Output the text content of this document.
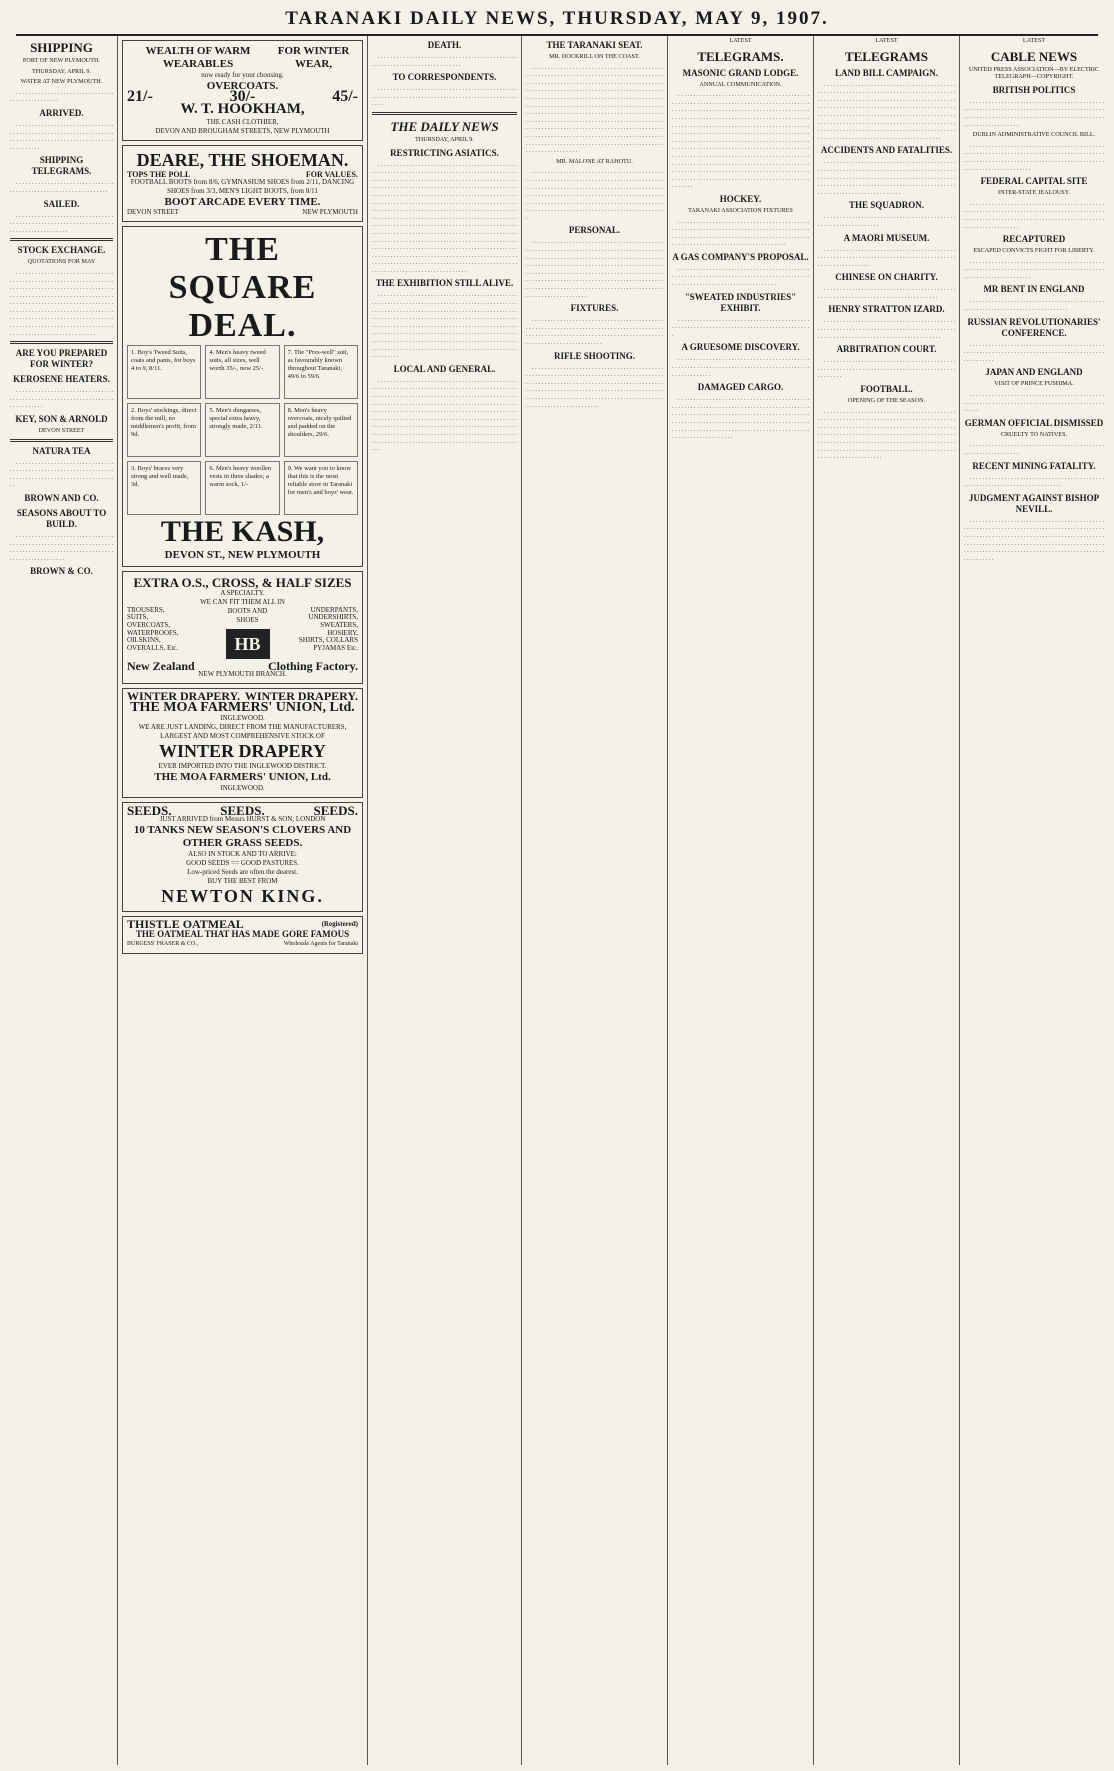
TARANAKI DAILY NEWS, THURSDAY, MAY 9, 1907.
SHIPPING
PORT OF NEW PLYMOUTH.
THURSDAY, APRIL 9.
WATER AT NEW PLYMOUTH.

. . . . . . . . . . . . . . . . . . . . . . . . . . . . . . . . . . . . . . . . . . . . . . .

ARRIVED.

. . . . . . . . . . . . . . . . . . . . . . . . . . . . . . . . . . . . . . . . . . . . . . . . . . . . . . . . . . . . . . . . . . . . . . . . . . . . . . . . . . . . . . . . . . . . . . . . . . . . . . . . . . .

SHIPPING TELEGRAMS.

. . . . . . . . . . . . . . . . . . . . . . . . . . . . . . . . . . . . . . . . . . . . . . . . . . . . . . . . . . . . . . .

SAILED.

. . . . . . . . . . . . . . . . . . . . . . . . . . . . . . . . . . . . . . . . . . . . . . . . . . . . . . . . . . . . . . . . . . . . . . . . . . . . . . . . . . .

STOCK EXCHANGE.
QUOTATIONS FOR MAY

. . . . . . . . . . . . . . . . . . . . . . . . . . . . . . . . . . . . . . . . . . . . . . . . . . . . . . . . . . . . . . . . . . . . . . . . . . . . . . . . . . . . . . . . . . . . . . . . . . . . . . . . . . . . . . . . . . . . . . . . . . . . . . . . . . . . . . . . . . . . . . . . . . . . . . . . . . . . . . . . . . . . . . . . . . . . . . . . . . . . . . . . . . . . . . . . . . . . . . . . . . . . . . . . . . . . . . . . . . . . . . . . . . . . . . . . . . . . . . . . . . . . . . . . . . . . . . . . . . . . . . . . . . . . . . . . . . . . . . . . . . . . . . . . . .

ARE YOU PREPARED FOR WINTER?
KEROSENE HEATERS.

. . . . . . . . . . . . . . . . . . . . . . . . . . . . . . . . . . . . . . . . . . . . . . . . . . . . . . . . . . . . . . . . . . . . . . . . . . .

KEY, SON & ARNOLD
DEVON STREET
NATURA TEA

. . . . . . . . . . . . . . . . . . . . . . . . . . . . . . . . . . . . . . . . . . . . . . . . . . . . . . . . . . . . . . . . . . . . . . . . . . . . . . . . . . . . . . . . . . . . . . . . . . .

BROWN AND CO.
SEASONS ABOUT TO BUILD.

. . . . . . . . . . . . . . . . . . . . . . . . . . . . . . . . . . . . . . . . . . . . . . . . . . . . . . . . . . . . . . . . . . . . . . . . . . . . . . . . . . . . . . . . . . . . . . . . . . . . . . . . . . . . . . . . . . .

BROWN & CO.
WEALTH OF WARM WEARABLES
FOR WINTER WEAR,
now ready for your choosing.
OVERCOATS.
21/-	30/-	45/-
W. T. HOOKHAM,
THE CASH CLOTHIER,
DEVON AND BROUGHAM STREETS, NEW PLYMOUTH
DEARE, THE SHOEMAN.
TOPS THE POLL	FOR VALUES.
FOOTBALL BOOTS from 8/6, GYMNASIUM SHOES from 2/11, DANCING SHOES from 3/3, MEN'S LIGHT BOOTS, from 8/11
BOOT ARCADE EVERY TIME.
DEVON STREET	NEW PLYMOUTH
THE SQUARE DEAL.
1. Boy's Tweed Suits, coats and pants, for boys 4 to 9, 8/11.
4. Men's heavy tweed suits, all sizes, well worth 35/-, now 25/-
7. The "Pres-well" suit, as favourably known throughout Taranaki, 49/6 to 59/6.
2. Boys' stockings, direct from the mill, no middlemen's profit, from 9d.
5. Men's dungarees, special extra heavy, strongly made, 2/11.
8. Men's heavy overcoats, nicely quilted and padded on the shoulders, 29/6.
3. Boys' braces very strong and well made, 3d.
6. Men's heavy woollen vests in three shades; a warm sock, 1/-
9. We want you to know that this is the most reliable store in Taranaki for men's and boys' wear.
THE KASH,
DEVON ST., NEW PLYMOUTH
EXTRA O.S., CROSS, & HALF SIZES
A SPECIALTY.
WE CAN FIT THEM ALL IN
TROUSERS,
SUITS,
OVERCOATS,
WATERPROOFS,
OILSKINS,
OVERALLS, Etc.
UNDERPANTS,
UNDERSHIRTS,
SWEATERS,
HOSIERY,
SHIRTS, COLLARS
PYJAMAS Etc.
BOOTS AND SHOES
HB
New Zealand	Clothing Factory.
NEW PLYMOUTH BRANCH.
WINTER DRAPERY. WINTER DRAPERY.
THE MOA FARMERS' UNION, Ltd.
INGLEWOOD.
WE ARE JUST LANDING, DIRECT FROM THE MANUFACTURERS, LARGEST AND MOST COMPREHENSIVE STOCK OF
WINTER DRAPERY
EVER IMPORTED INTO THE INGLEWOOD DISTRICT.
THE MOA FARMERS' UNION, Ltd.
INGLEWOOD.
SEEDS.	SEEDS.	SEEDS.
JUST ARRIVED from Messrs HURST & SON, LONDON
10 TANKS NEW SEASON'S CLOVERS AND OTHER GRASS SEEDS.
ALSO IN STOCK AND TO ARRIVE:
GOOD SEEDS == GOOD PASTURES.
Low-priced Seeds are often the dearest.
BUY THE BEST FROM
NEWTON KING.
THISTLE OATMEAL	(Registered)
THE OATMEAL THAT HAS MADE GORE FAMOUS
BURGESS' FRASER & CO.,	Wholesale Agents for Taranaki
DEATH.

. . . . . . . . . . . . . . . . . . . . . . . . . . . . . . . . . . . . . . . . . . . . . . . . . . . . . . . . . . . . . . . . . . . . . . . . . .

TO CORRESPONDENTS.

. . . . . . . . . . . . . . . . . . . . . . . . . . . . . . . . . . . . . . . . . . . . . . . . . . . . . . . . . . . . . . . . . . . . . . . . . . . . . . . . . . . . . . . . . . . . . . . .

THE DAILY NEWS
THURSDAY, APRIL 9.
RESTRICTING ASIATICS.

. . . . . . . . . . . . . . . . . . . . . . . . . . . . . . . . . . . . . . . . . . . . . . . . . . . . . . . . . . . . . . . . . . . . . . . . . . . . . . . . . . . . . . . . . . . . . . . . . . . . . . . . . . . . . . . . . . . . . . . . . . . . . . . . . . . . . . . . . . . . . . . . . . . . . . . . . . . . . . . . . . . . . . . . . . . . . . . . . . . . . . . . . . . . . . . . . . . . . . . . . . . . . . . . . . . . . . . . . . . . . . . . . . . . . . . . . . . . . . . . . . . . . . . . . . . . . . . . . . . . . . . . . . . . . . . . . . . . . . . . . . . . . . . . . . . . . . . . . . . . . . . . . . . . . . . . . . . . . . . . . . . . . . . . . . . . . . . . . . . . . . . . . . . . . . . . . . . . . . . . . . . . . . . . . . . . . . . . . . . . . . . . . . . . . . . . . . . . . . . . . . . . . . . . . . . . . . . . . . . . . . . . . . . . . . . . . . . . . . . . . . . . . . . . . . . . . . . . . . . . . . . . . . . . . . . . . . . . . . . . . . . . . . . . . . . . . . . . . . . . . . . . . . . . . . . . . . . . . . . . . . . . . . . . . . . . . . . . . . . . . . . . . . . . . . . . . . . . . . . . . . . . . . . . . . . . . . . . . . . . . . . . . . . . . . . . . . . . . . . . . . . . . . . . . . . . . . . . . . . . . . . . . . . . . . . . . . . . . . . . . . . . . . . . . . . . . . . . . . . . . . . . . . . . . . . . . . . . . . . . . . . . . . .

THE EXHIBITION STILL ALIVE.

. . . . . . . . . . . . . . . . . . . . . . . . . . . . . . . . . . . . . . . . . . . . . . . . . . . . . . . . . . . . . . . . . . . . . . . . . . . . . . . . . . . . . . . . . . . . . . . . . . . . . . . . . . . . . . . . . . . . . . . . . . . . . . . . . . . . . . . . . . . . . . . . . . . . . . . . . . . . . . . . . . . . . . . . . . . . . . . . . . . . . . . . . . . . . . . . . . . . . . . . . . . . . . . . . . . . . . . . . . . . . . . . . . . . . . . . . . . . . . . . . . . . . . . . . . . . . . . . . . . . . . . . . . . . . . . . . . . . . . . . . . . . . . . . . . . . . . . . . . . . . . . . . . . . . . . . . . . . . . . . . . . . . . . . . . . . . . . . . . . . . . . . . . . . . . . . . . . . . . . . . . . . . . . . . . . . . . . . . . . . . . .

LOCAL AND GENERAL.

. . . . . . . . . . . . . . . . . . . . . . . . . . . . . . . . . . . . . . . . . . . . . . . . . . . . . . . . . . . . . . . . . . . . . . . . . . . . . . . . . . . . . . . . . . . . . . . . . . . . . . . . . . . . . . . . . . . . . . . . . . . . . . . . . . . . . . . . . . . . . . . . . . . . . . . . . . . . . . . . . . . . . . . . . . . . . . . . . . . . . . . . . . . . . . . . . . . . . . . . . . . . . . . . . . . . . . . . . . . . . . . . . . . . . . . . . . . . . . . . . . . . . . . . . . . . . . . . . . . . . . . . . . . . . . . . . . . . . . . . . . . . . . . . . . . . . . . . . . . . . . . . . . . . . . . . . . . . . . . . . . . . . . . . . . . . . . . . . . . . . . . . . . . . . . . . . . . . . . . . . . . . . . . . . . . . . . . . . . . . . . . . . . . . . . . . . . . . . . . . . . . . . . . . . . . . . . . . . . . . . . . .

THE TARANAKI SEAT.
MR. DOCKRILL ON THE COAST.

. . . . . . . . . . . . . . . . . . . . . . . . . . . . . . . . . . . . . . . . . . . . . . . . . . . . . . . . . . . . . . . . . . . . . . . . . . . . . . . . . . . . . . . . . . . . . . . . . . . . . . . . . . . . . . . . . . . . . . . . . . . . . . . . . . . . . . . . . . . . . . . . . . . . . . . . . . . . . . . . . . . . . . . . . . . . . . . . . . . . . . . . . . . . . . . . . . . . . . . . . . . . . . . . . . . . . . . . . . . . . . . . . . . . . . . . . . . . . . . . . . . . . . . . . . . . . . . . . . . . . . . . . . . . . . . . . . . . . . . . . . . . . . . . . . . . . . . . . . . . . . . . . . . . . . . . . . . . . . . . . . . . . . . . . . . . . . . . . . . . . . . . . . . . . . . . . . . . . . . . . . . . . . . . . . . . . . . . . . . . . . . . . . . . . . . . . . . . . . . . . . . . . . . . . . . . . . . . . . . . . . . . . . . . . . . . . . . . . . . . . . . . . . . . . . . . . . . . . . . . . . . . . . . . . . . . . . . . . . . . . . . . . . . . . . . . . . . . . . .

MR. MALONE AT RAHOTU.

. . . . . . . . . . . . . . . . . . . . . . . . . . . . . . . . . . . . . . . . . . . . . . . . . . . . . . . . . . . . . . . . . . . . . . . . . . . . . . . . . . . . . . . . . . . . . . . . . . . . . . . . . . . . . . . . . . . . . . . . . . . . . . . . . . . . . . . . . . . . . . . . . . . . . . . . . . . . . . . . . . . . . . . . . . . . . . . . . . . . . . . . . . . . . . . . . . . . . . . . . . . . . . . . . . . . . . . . . . . . . . . . . . . . . . . . . . . . . . . . . . . . . . . . . . . . . . . . . . . . . . .

PERSONAL.

. . . . . . . . . . . . . . . . . . . . . . . . . . . . . . . . . . . . . . . . . . . . . . . . . . . . . . . . . . . . . . . . . . . . . . . . . . . . . . . . . . . . . . . . . . . . . . . . . . . . . . . . . . . . . . . . . . . . . . . . . . . . . . . . . . . . . . . . . . . . . . . . . . . . . . . . . . . . . . . . . . . . . . . . . . . . . . . . . . . . . . . . . . . . . . . . . . . . . . . . . . . . . . . . . . . . . . . . . . . . . . . . . . . . . . . . . . . . . . . . . . . . . . . . . . . . . . . . . . . . . . . . . . . . . . . . . . . . . . . . . . . . . . . . . . . . . . . . . . . . . . . . . . . . . . . . . . . . . . . . . . . . . .

FIXTURES.

. . . . . . . . . . . . . . . . . . . . . . . . . . . . . . . . . . . . . . . . . . . . . . . . . . . . . . . . . . . . . . . . . . . . . . . . . . . . . . . . . . . . . . . . . . . . . . . . . . . . . . . . . . . . . . . . . . . . . . . . . . . . . . . . . . . . . . . . . . . . . . . . . . . . . . . . . . .

RIFLE SHOOTING.

. . . . . . . . . . . . . . . . . . . . . . . . . . . . . . . . . . . . . . . . . . . . . . . . . . . . . . . . . . . . . . . . . . . . . . . . . . . . . . . . . . . . . . . . . . . . . . . . . . . . . . . . . . . . . . . . . . . . . . . . . . . . . . . . . . . . . . . . . . . . . . . . . . . . . . . . . . . . . . . . . . . . . . . . . . . . . . . . . . . . . . . . . . . . . . . . . . . . . . . . . . . . . . . . . . . . . . . . . . . . . . . . . . . . . . . . . . . . . . . . . .

LATEST
TELEGRAMS.
MASONIC GRAND LODGE.
ANNUAL COMMUNICATION.

. . . . . . . . . . . . . . . . . . . . . . . . . . . . . . . . . . . . . . . . . . . . . . . . . . . . . . . . . . . . . . . . . . . . . . . . . . . . . . . . . . . . . . . . . . . . . . . . . . . . . . . . . . . . . . . . . . . . . . . . . . . . . . . . . . . . . . . . . . . . . . . . . . . . . . . . . . . . . . . . . . . . . . . . . . . . . . . . . . . . . . . . . . . . . . . . . . . . . . . . . . . . . . . . . . . . . . . . . . . . . . . . . . . . . . . . . . . . . . . . . . . . . . . . . . . . . . . . . . . . . . . . . . . . . . . . . . . . . . . . . . . . . . . . . . . . . . . . . . . . . . . . . . . . . . . . . . . . . . . . . . . . . . . . . . . . . . . . . . . . . . . . . . . . . . . . . . . . . . . . . . . . . . . . . . . . . . . . . . . . . . . . . . . . . . . . . . . . . . . . . . . . . . . . . . . . . . . . . . . . . . . . . . . . . . . . . . . . . . . . . . . . . . . . . . . . . . . . . . . . . . . . . . . . . . . . . . . . . . . . . . . . . . . . . . . . . . . . . . . . . . . . . . . . . . . . . . . . . . . . . . . . . . . . . . . . .

HOCKEY.
TARANAKI ASSOCIATION FIXTURES

. . . . . . . . . . . . . . . . . . . . . . . . . . . . . . . . . . . . . . . . . . . . . . . . . . . . . . . . . . . . . . . . . . . . . . . . . . . . . . . . . . . . . . . . . . . . . . . . . . . . . . . . . . . . . . . . . . . . . . . . . . . . . . . . . . . . . . . . . . . . . . . . . . . . . . . . . . . . . . . . . . . . . . .

A GAS COMPANY'S PROPOSAL.

. . . . . . . . . . . . . . . . . . . . . . . . . . . . . . . . . . . . . . . . . . . . . . . . . . . . . . . . . . . . . . . . . . . . . . . . . . . . . . . . . . . . . . . . . . . . . . . . . . . . . . . . . . . . . . . . . . . . . . . .

"SWEATED INDUSTRIES" EXHIBIT.

. . . . . . . . . . . . . . . . . . . . . . . . . . . . . . . . . . . . . . . . . . . . . . . . . . . . . . . . . . . . . . . . . . . . . . . . . . . . . . . . . . . . . . .

A GRUESOME DISCOVERY.

. . . . . . . . . . . . . . . . . . . . . . . . . . . . . . . . . . . . . . . . . . . . . . . . . . . . . . . . . . . . . . . . . . . . . . . . . . . . . . . . . . . . . . . . . . . . . . . . . . .

DAMAGED CARGO.

. . . . . . . . . . . . . . . . . . . . . . . . . . . . . . . . . . . . . . . . . . . . . . . . . . . . . . . . . . . . . . . . . . . . . . . . . . . . . . . . . . . . . . . . . . . . . . . . . . . . . . . . . . . . . . . . . . . . . . . . . . . . . . . . . . . . . . . . . . . . . . . . . . . . . . . . . . . . . . . . . . . . . . . . . . . . . . . . . . . . . . . . . . . . . . . . . . . . . . . . . . . . . . . . . . . . . . . . . . . . . . . . . . . . . . . . . . . . . .

LATEST
TELEGRAMS
LAND BILL CAMPAIGN.

. . . . . . . . . . . . . . . . . . . . . . . . . . . . . . . . . . . . . . . . . . . . . . . . . . . . . . . . . . . . . . . . . . . . . . . . . . . . . . . . . . . . . . . . . . . . . . . . . . . . . . . . . . . . . . . . . . . . . . . . . . . . . . . . . . . . . . . . . . . . . . . . . . . . . . . . . . . . . . . . . . . . . . . . . . . . . . . . . . . . . . . . . . . . . . . . . . . . . . . . . . . . . . . . . . . . . . . . . . . . . . . . . . . . . . . . . . . . . . . . . . . . . . . . . . . . . . . . . . . . . . . . . . . . . . . . . . . . . . . . . . . . . . . . . . . . . . . . . . . . . . . . . . . . . . . . . . . . . . . . . . . . . . . . . . . . . . . . . . . . . . . . . .

ACCIDENTS AND FATALITIES.

. . . . . . . . . . . . . . . . . . . . . . . . . . . . . . . . . . . . . . . . . . . . . . . . . . . . . . . . . . . . . . . . . . . . . . . . . . . . . . . . . . . . . . . . . . . . . . . . . . . . . . . . . . . . . . . . . . . . . . . . . . . . . . . . . . . . . . . . . . . . . . . . . . . . . . . . . . . . . . . . . . . . . . . . . . . . . . . . . . . . . . . . . . . . . . . . . . . . . . . . .

THE SQUADRON.

. . . . . . . . . . . . . . . . . . . . . . . . . . . . . . . . . . . . . . . . . . . . . . . . . . . . . . . . . . . . . .

A MAORI MUSEUM.

. . . . . . . . . . . . . . . . . . . . . . . . . . . . . . . . . . . . . . . . . . . . . . . . . . . . . . . . . . . . . . . . . . . . . . . . . . . . . . . . . . . . . . . . . . . . . . . . . . . . . . .

CHINESE ON CHARITY.

. . . . . . . . . . . . . . . . . . . . . . . . . . . . . . . . . . . . . . . . . . . . . . . . . . . . . . . . . . . . . . . . . . . . . . . . . . . . . . . . .

HENRY STRATTON IZARD.

. . . . . . . . . . . . . . . . . . . . . . . . . . . . . . . . . . . . . . . . . . . . . . . . . . . . . . . . . . . . . . . . . . . . . . . . . . . . . . . . . . . . . . . . . . . . . . . . . . . . . . . . . . . . . . . . . . . . . . . . . . . . . .

ARBITRATION COURT.

. . . . . . . . . . . . . . . . . . . . . . . . . . . . . . . . . . . . . . . . . . . . . . . . . . . . . . . . . . . . . . . . . . . . . . . . . . . . . . . . . . . . . . . . . . . . . .

FOOTBALL.
OPENING OF THE SEASON.

. . . . . . . . . . . . . . . . . . . . . . . . . . . . . . . . . . . . . . . . . . . . . . . . . . . . . . . . . . . . . . . . . . . . . . . . . . . . . . . . . . . . . . . . . . . . . . . . . . . . . . . . . . . . . . . . . . . . . . . . . . . . . . . . . . . . . . . . . . . . . . . . . . . . . . . . . . . . . . . . . . . . . . . . . . . . . . . . . . . . . . . . . . . . . . . . . . . . . . . . . . . . . . . . . . . . . . . . . . . . . . . . . . . . . . . . . . . . . . . . . . . . . . . . . . . . . . . . . . . . . . . . . . . . . . . . . . . . . . . . . . .

LATEST
CABLE NEWS
UNITED PRESS ASSOCIATION—BY ELECTRIC TELEGRAPH—COPYRIGHT.
BRITISH POLITICS

. . . . . . . . . . . . . . . . . . . . . . . . . . . . . . . . . . . . . . . . . . . . . . . . . . . . . . . . . . . . . . . . . . . . . . . . . . . . . . . . . . . . . . . . . . . . . . . . . . . . . . . . . . . . . . . . . . . . . . . . . . . . . . . . . . . . . . . . . . . . . . . . . . . . . . .

DUBLIN ADMINISTRATIVE COUNCIL BILL.

. . . . . . . . . . . . . . . . . . . . . . . . . . . . . . . . . . . . . . . . . . . . . . . . . . . . . . . . . . . . . . . . . . . . . . . . . . . . . . . . . . . . . . . . . . . . . . . . . . . . . . . . . . . . . . . . . . . . . . . . . . . . . . . . . . . . . . . . . . . . . . . . . . . . . . . . . . .

FEDERAL CAPITAL SITE
INTER-STATE JEALOUSY.

. . . . . . . . . . . . . . . . . . . . . . . . . . . . . . . . . . . . . . . . . . . . . . . . . . . . . . . . . . . . . . . . . . . . . . . . . . . . . . . . . . . . . . . . . . . . . . . . . . . . . . . . . . . . . . . . . . . . . . . . . . . . . . . . . . . . . . . . . . . . . . . . . . . . . . .

RECAPTURED
ESCAPED CONVICTS FIGHT FOR LIBERTY.

. . . . . . . . . . . . . . . . . . . . . . . . . . . . . . . . . . . . . . . . . . . . . . . . . . . . . . . . . . . . . . . . . . . . . . . . . . . . . . . . . . . . . . . . . . . . . . . . . . . . . . . . . . . . . .

MR BENT IN ENGLAND

. . . . . . . . . . . . . . . . . . . . . . . . . . . . . . . . . . . . . . . . . . . . . . . . . . . . . . . . . . . . . . . . . . . . . . . . . . . . .

RUSSIAN REVOLUTIONARIES' CONFERENCE.

. . . . . . . . . . . . . . . . . . . . . . . . . . . . . . . . . . . . . . . . . . . . . . . . . . . . . . . . . . . . . . . . . . . . . . . . . . . . . . . . . . . . . . . . . . . . . . . . . .

JAPAN AND ENGLAND
VISIT OF PRINCE FUSHIMA.

. . . . . . . . . . . . . . . . . . . . . . . . . . . . . . . . . . . . . . . . . . . . . . . . . . . . . . . . . . . . . . . . . . . . . . . . . . . . . . . . . . . . . . . . . . . . .

GERMAN OFFICIAL DISMISSED
CRUELTY TO NATIVES.

. . . . . . . . . . . . . . . . . . . . . . . . . . . . . . . . . . . . . . . . . . . . . . . . . . . . . . . . . . . . .

RECENT MINING FATALITY.

. . . . . . . . . . . . . . . . . . . . . . . . . . . . . . . . . . . . . . . . . . . . . . . . . . . . . . . . . . . . . . . . . . . . . . . . . . .

JUDGMENT AGAINST BISHOP NEVILL.

. . . . . . . . . . . . . . . . . . . . . . . . . . . . . . . . . . . . . . . . . . . . . . . . . . . . . . . . . . . . . . . . . . . . . . . . . . . . . . . . . . . . . . . . . . . . . . . . . . . . . . . . . . . . . . . . . . . . . . . . . . . . . . . . . . . . . . . . . . . . . . . . . . . . . . . . . . . . . . . . . . . . . . . . . . . . . . . . . . . . . . . . . . . . . . . . . . . . . . . . . . . . . . . . . . . . . . . . . . . . . . . . . . . . . . . . .
